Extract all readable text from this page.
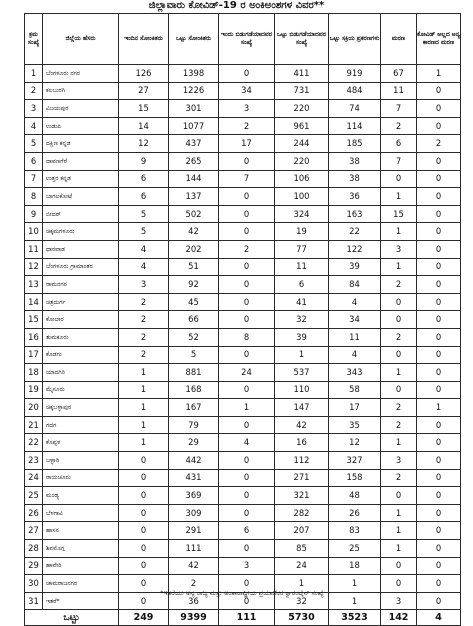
ಜಿಲ್ಲಾವಾರು ಕೋವಿಡ್-19 ರ ಅಂಕಿಅಂಶಗಳ ವಿವರ**
ಕ್ರಮ ಸಂಖ್ಯೆ	ಜಿಲ್ಲೆಯ ಹೆಸರು	ಇಂದಿನ ಸೋಂಕಿತರು	ಒಟ್ಟು ಸೋಂಕಿತರು	ಇಂದು ಬಿಡುಗಡೆಯಾದವರ ಸಂಖ್ಯೆ	ಒಟ್ಟು ಬಿಡುಗಡೆಯಾದವರ ಸಂಖ್ಯೆ	ಒಟ್ಟು ಸಕ್ರಿಯ ಪ್ರಕರಣಗಳು	ಮರಣ	ಕೋವಿಡ್ ಅಲ್ಲದ ಅನ್ಯ ಕಾರಣದ ಮರಣ
1	ಬೆಂಗಳೂರು ನಗರ	126	1398	0	411	919	67	1
2	ಕಲಬುರಗಿ	27	1226	34	731	484	11	0
3	ವಿಜಯಪುರ	15	301	3	220	74	7	0
4	ಉಡುಪಿ	14	1077	2	961	114	2	0
5	ದಕ್ಷಿಣ ಕನ್ನಡ	12	437	17	244	185	6	2
6	ದಾವಣಗೆರೆ	9	265	0	220	38	7	0
7	ಉತ್ತರ ಕನ್ನಡ	6	144	7	106	38	0	0
8	ಬಾಗಲಕೋಟೆ	6	137	0	100	36	1	0
9	ಬೀದರ್	5	502	0	324	163	15	0
10	ಚಿಕ್ಕಮಗಳೂರು	5	42	0	19	22	1	0
11	ಧಾರವಾಡ	4	202	2	77	122	3	0
12	ಬೆಂಗಳೂರು ಗ್ರಾಮಾಂತರ	4	51	0	11	39	1	0
13	ರಾಮನಗರ	3	92	0	6	84	2	0
14	ಚಿತ್ರದುರ್ಗ	2	45	0	41	4	0	0
15	ಕೋಲಾರ	2	66	0	32	34	0	0
16	ತುಮಕೂರು	2	52	8	39	11	2	0
17	ಕೊಡಗು	2	5	0	1	4	0	0
18	ಯಾದಗಿರಿ	1	881	24	537	343	1	0
19	ಮೈಸೂರು	1	168	0	110	58	0	0
20	ಚಿಕ್ಕಬಳ್ಳಾಪುರ	1	167	1	147	17	2	1
21	ಗದಗ	1	79	0	42	35	2	0
22	ಕೊಪ್ಪಳ	1	29	4	16	12	1	0
23	ಬಳ್ಳಾರಿ	0	442	0	112	327	3	0
24	ರಾಯಚೂರು	0	431	0	271	158	2	0
25	ಮಂಡ್ಯ	0	369	0	321	48	0	0
26	ಬೆಳಗಾವಿ	0	309	0	282	26	1	0
27	ಹಾಸನ	0	291	6	207	83	1	0
28	ಶಿವಮೊಗ್ಗ	0	111	0	85	25	1	0
29	ಹಾವೇರಿ	0	42	3	24	18	0	0
30	ಚಾಮರಾಜನಗರ	0	2	0	1	1	0	0
31	ಇತರೆ*	0	36	0	32	1	3	0
ಒಟ್ಟು		249	9399	111	5730	3523	142	4
*ಇತರೆಯು ಅನ್ಯ ರಾಜ್ಯ ಮತ್ತು ಅಂತಾರಾಷ್ಟ್ರೀಯ ಪ್ರಯಾಣಿಕರ ಕ್ವಾರಂಟೈನ್ ಸಂಖ್ಯೆ
